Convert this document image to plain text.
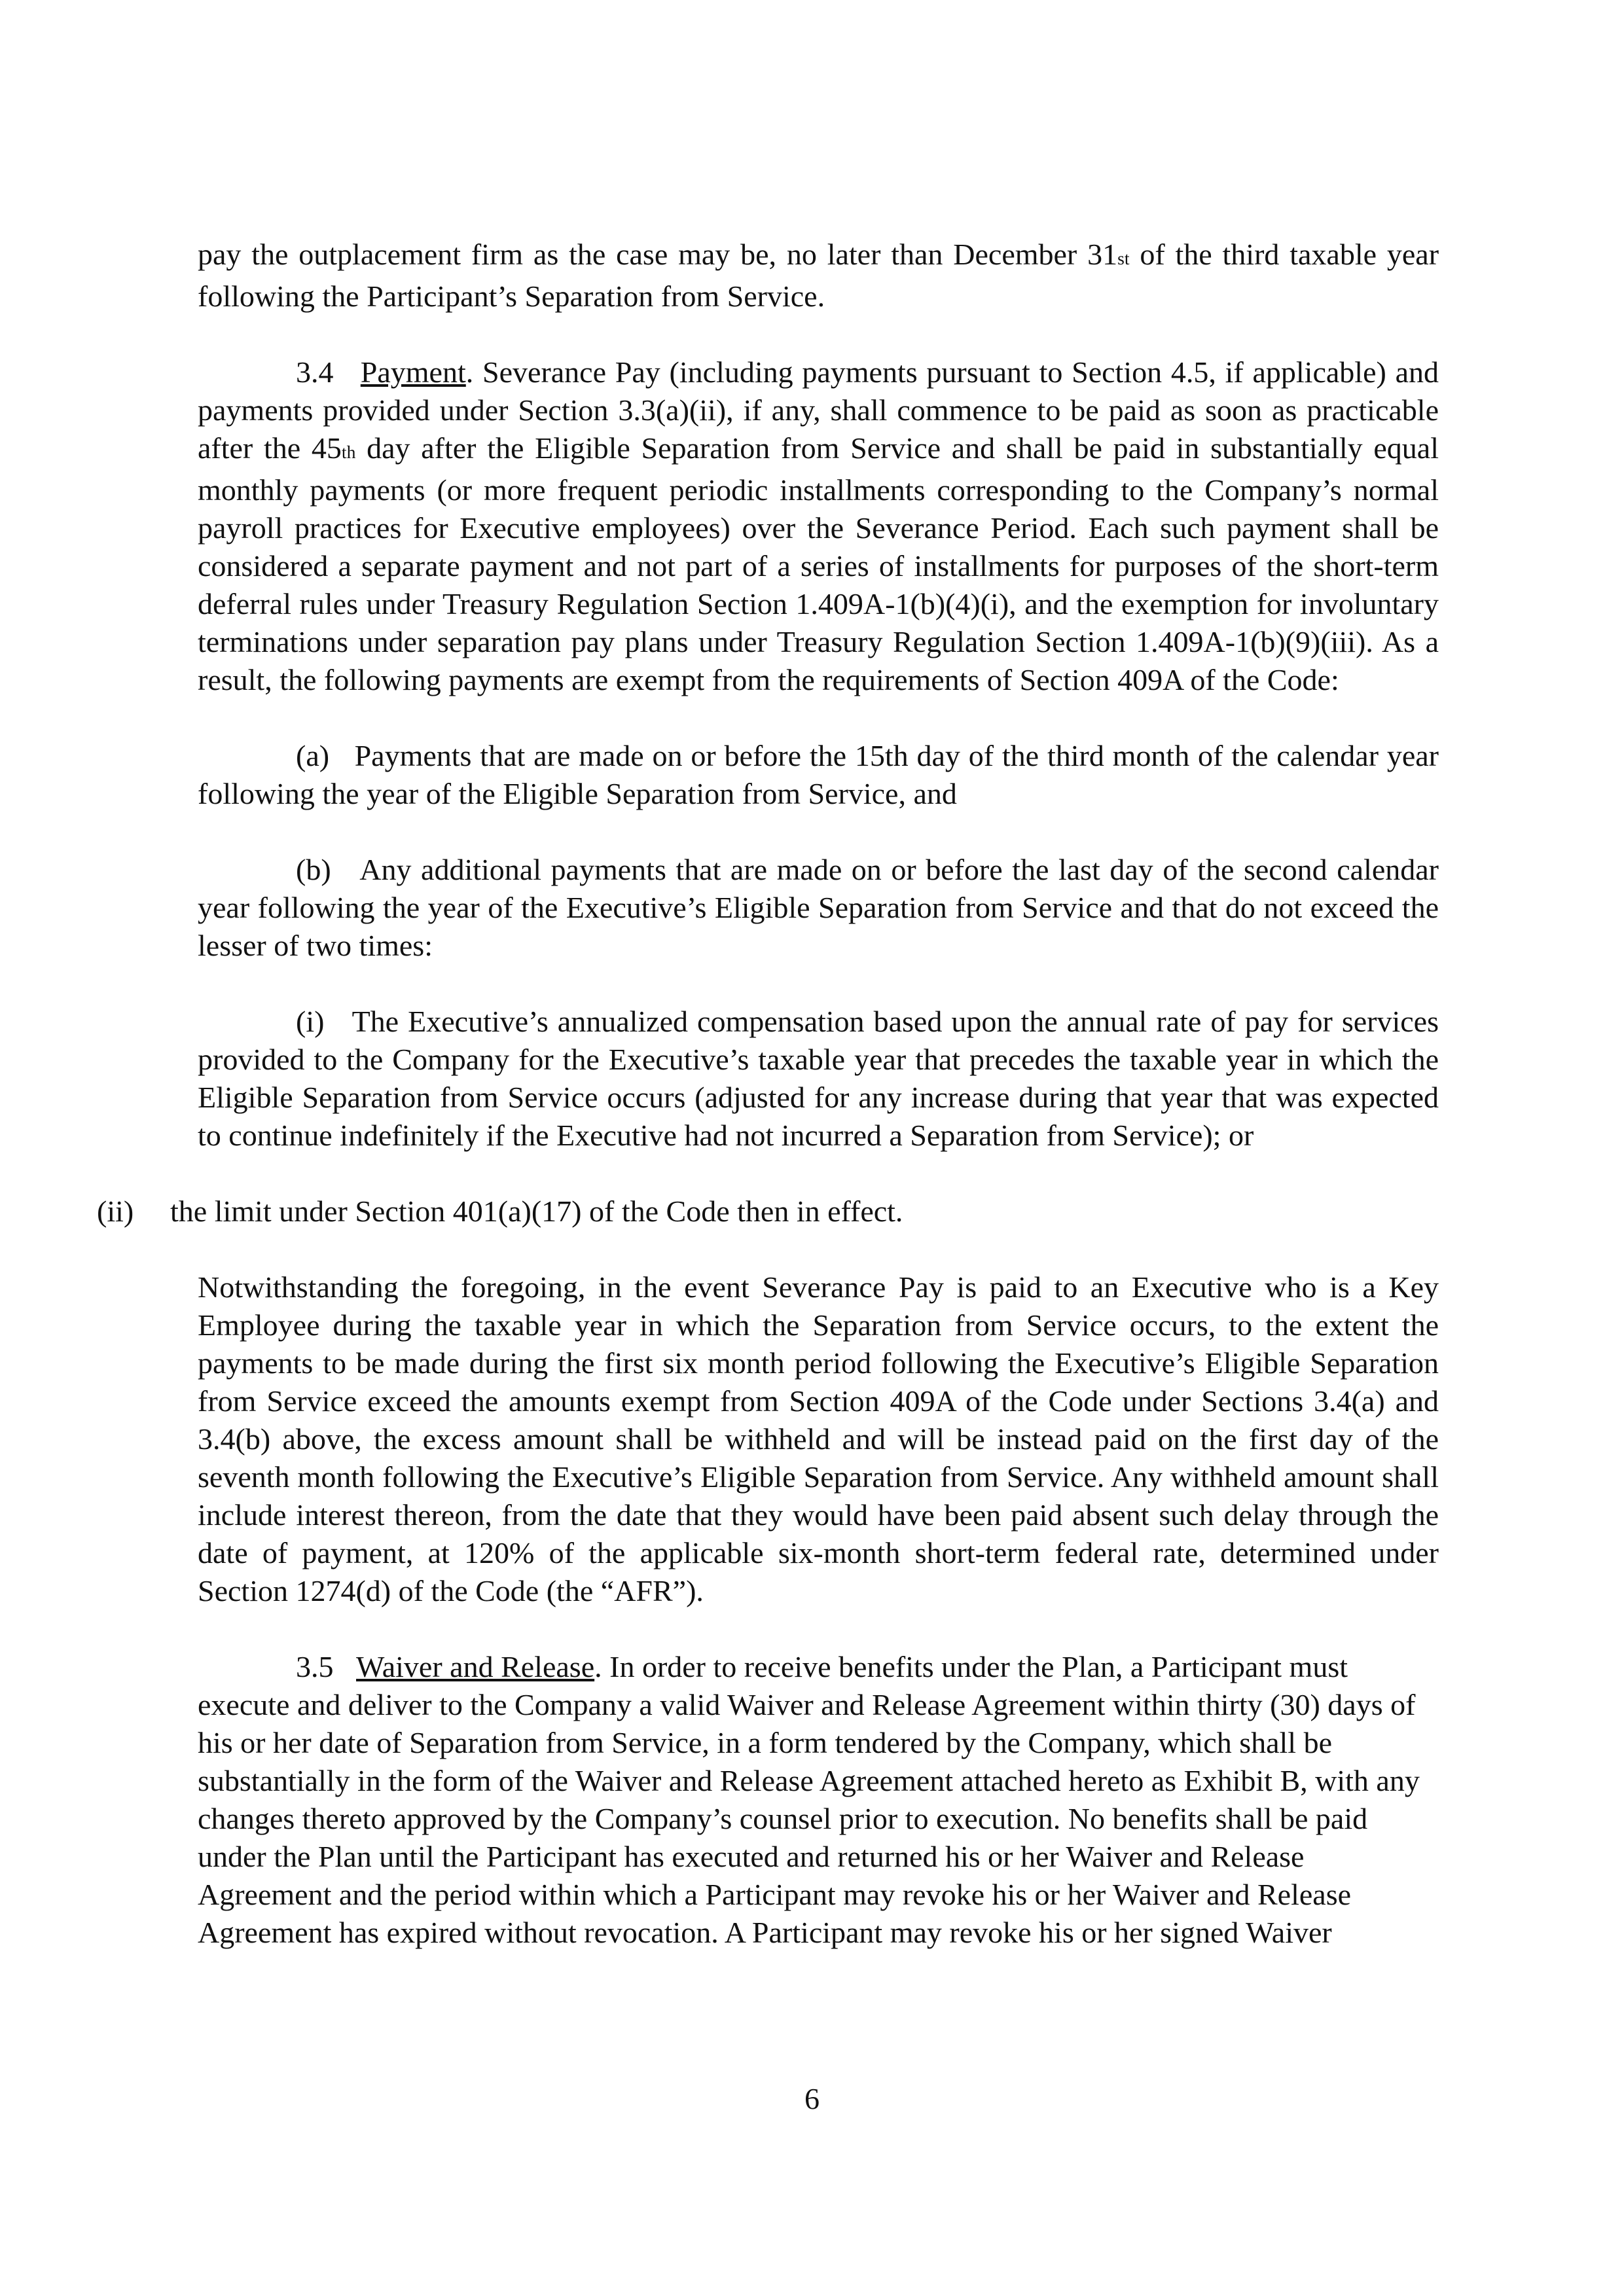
pay the outplacement firm as the case may be, no later than December 31st of the third taxable year following the Participant’s Separation from Service.

3.4 Payment. Severance Pay (including payments pursuant to Section 4.5, if applicable) and payments provided under Section 3.3(a)(ii), if any, shall commence to be paid as soon as practicable after the 45th day after the Eligible Separation from Service and shall be paid in substantially equal monthly payments (or more frequent periodic installments corresponding to the Company’s normal payroll practices for Executive employees) over the Severance Period. Each such payment shall be considered a separate payment and not part of a series of installments for purposes of the short-term deferral rules under Treasury Regulation Section 1.409A-1(b)(4)(i), and the exemption for involuntary terminations under separation pay plans under Treasury Regulation Section 1.409A-1(b)(9)(iii). As a result, the following payments are exempt from the requirements of Section 409A of the Code:

(a) Payments that are made on or before the 15th day of the third month of the calendar year following the year of the Eligible Separation from Service, and

(b) Any additional payments that are made on or before the last day of the second calendar year following the year of the Executive’s Eligible Separation from Service and that do not exceed the lesser of two times:

(i) The Executive’s annualized compensation based upon the annual rate of pay for services provided to the Company for the Executive’s taxable year that precedes the taxable year in which the Eligible Separation from Service occurs (adjusted for any increase during that year that was expected to continue indefinitely if the Executive had not incurred a Separation from Service); or

(ii) the limit under Section 401(a)(17) of the Code then in effect.

Notwithstanding the foregoing, in the event Severance Pay is paid to an Executive who is a Key Employee during the taxable year in which the Separation from Service occurs, to the extent the payments to be made during the first six month period following the Executive’s Eligible Separation from Service exceed the amounts exempt from Section 409A of the Code under Sections 3.4(a) and 3.4(b) above, the excess amount shall be withheld and will be instead paid on the first day of the seventh month following the Executive’s Eligible Separation from Service. Any withheld amount shall include interest thereon, from the date that they would have been paid absent such delay through the date of payment, at 120% of the applicable six-month short-term federal rate, determined under Section 1274(d) of the Code (the “AFR”).

3.5 Waiver and Release. In order to receive benefits under the Plan, a Participant must execute and deliver to the Company a valid Waiver and Release Agreement within thirty (30) days of his or her date of Separation from Service, in a form tendered by the Company, which shall be substantially in the form of the Waiver and Release Agreement attached hereto as Exhibit B, with any changes thereto approved by the Company’s counsel prior to execution. No benefits shall be paid under the Plan until the Participant has executed and returned his or her Waiver and Release Agreement and the period within which a Participant may revoke his or her Waiver and Release Agreement has expired without revocation. A Participant may revoke his or her signed Waiver

6
